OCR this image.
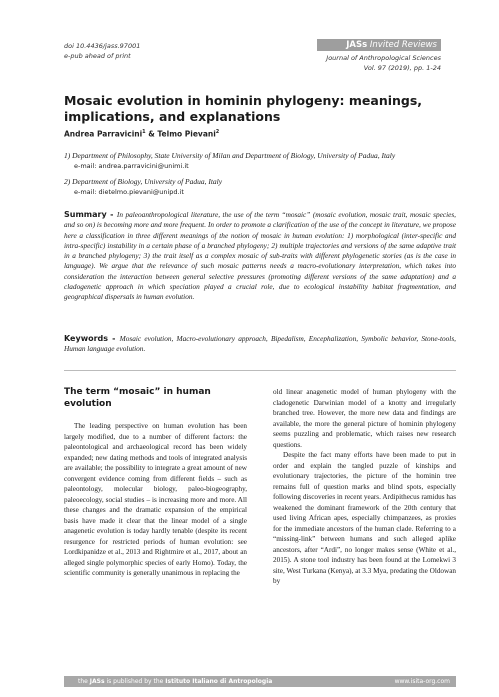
doi 10.4436/jass.97001
e-pub ahead of print
JASs Invited Reviews
Journal of Anthropological Sciences
Vol. 97 (2019), pp. 1-24
Mosaic evolution in hominin phylogeny: meanings, implications, and explanations
Andrea Parravicini$^1$ & Telmo Pievani$^2$
1) Department of Philosophy, State University of Milan and Department of Biology, University of Padua, Italy
e-mail: andrea.parravicini@unimi.it
2) Department of Biology, University of Padua, Italy
e-mail: dietelmo.pievani@unipd.it
Summary - In paleoanthropological literature, the use of the term “mosaic” (mosaic evolution, mosaic trait, mosaic species, and so on) is becoming more and more frequent. In order to promote a clarification of the use of the concept in literature, we propose here a classification in three different meanings of the notion of mosaic in human evolution: 1) morphological (inter-specific and intra-specific) instability in a certain phase of a branched phylogeny; 2) multiple trajectories and versions of the same adaptive trait in a branched phylogeny; 3) the trait itself as a complex mosaic of sub-traits with different phylogenetic stories (as is the case in language). We argue that the relevance of such mosaic patterns needs a macro-evolutionary interpretation, which takes into consideration the interaction between general selective pressures (promoting different versions of the same adaptation) and a cladogenetic approach in which speciation played a crucial role, due to ecological instability habitat fragmentation, and geographical dispersals in human evolution.
Keywords - Mosaic evolution, Macro-evolutionary approach, Bipedalism, Encephalization, Symbolic behavior, Stone-tools, Human language evolution.
The term “mosaic” in human evolution

The leading perspective on human evolution has been largely modified, due to a number of different factors: the paleontological and archaeological record has been widely expanded; new dating methods and tools of integrated analysis are available; the possibility to integrate a great amount of new convergent evidence coming from different fields – such as paleontology, molecular biology, paleo-biogeography, paleoecology, social studies – is increasing more and more. All these changes and the dramatic expansion of the empirical basis have made it clear that the linear model of a single anagenetic evolution is today hardly tenable (despite its recent resurgence for restricted periods of human evolution: see Lordkipanidze et al., 2013 and Rightmire et al., 2017, about an alleged single polymorphic species of early Homo). Today, the scientific community is generally unanimous in replacing the

old linear anagenetic model of human phylogeny with the cladogenetic Darwinian model of a knotty and irregularly branched tree. However, the more new data and findings are available, the more the general picture of hominin phylogeny seems puzzling and problematic, which raises new research questions.

Despite the fact many efforts have been made to put in order and explain the tangled puzzle of kinships and evolutionary trajectories, the picture of the hominin tree remains full of question marks and blind spots, especially following discoveries in recent years. Ardipithecus ramidus has weakened the dominant framework of the 20th century that used living African apes, especially chimpanzees, as proxies for the immediate ancestors of the human clade. Referring to a “missing-link” between humans and such alleged aplike ancestors, after “Ardi”, no longer makes sense (White et al., 2015). A stone tool industry has been found at the Lomekwi 3 site, West Turkana (Kenya), at 3.3 Mya, predating the Oldowan by

the JASs is published by the Istituto Italiano di Antropologia	www.isita-org.com
